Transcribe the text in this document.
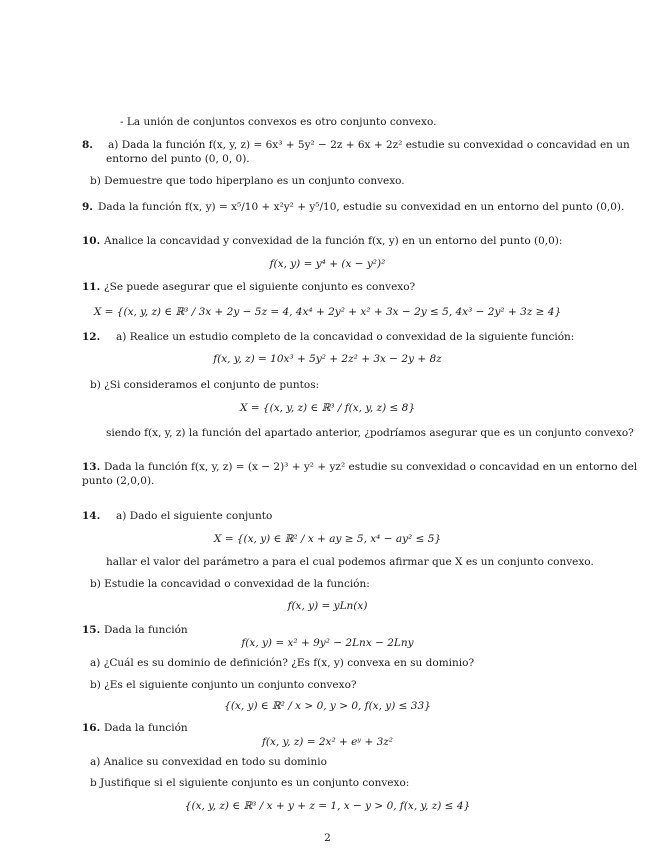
- La unión de conjuntos convexos es otro conjunto convexo.
8. a) Dada la función f(x, y, z) = 6x³ + 5y² − 2z + 6x + 2z² estudie su convexidad o concavidad en un
entorno del punto (0, 0, 0).
b) Demuestre que todo hiperplano es un conjunto convexo.
9. Dada la función f(x, y) = x⁵/10 + x²y² + y⁵/10, estudie su convexidad en un entorno del punto (0,0).
10. Analice la concavidad y convexidad de la función f(x, y) en un entorno del punto (0,0):
f(x, y) = y⁴ + (x − y²)²
11. ¿Se puede asegurar que el siguiente conjunto es convexo?
X = {(x, y, z) ∈ ℝ³ / 3x + 2y − 5z = 4, 4x⁴ + 2y² + x² + 3x − 2y ≤ 5, 4x³ − 2y² + 3z ≥ 4}
12. a) Realice un estudio completo de la concavidad o convexidad de la siguiente función:
f(x, y, z) = 10x³ + 5y² + 2z² + 3x − 2y + 8z
b) ¿Si consideramos el conjunto de puntos:
X = {(x, y, z) ∈ ℝ³ / f(x, y, z) ≤ 8}
siendo f(x, y, z) la función del apartado anterior, ¿podríamos asegurar que es un conjunto convexo?
13. Dada la función f(x, y, z) = (x − 2)³ + y² + yz² estudie su convexidad o concavidad en un entorno del
punto (2,0,0).
14. a) Dado el siguiente conjunto
X = {(x, y) ∈ ℝ² / x + ay ≥ 5, x⁴ − ay² ≤ 5}
hallar el valor del parámetro a para el cual podemos afirmar que X es un conjunto convexo.
b) Estudie la concavidad o convexidad de la función:
f(x, y) = yLn(x)
15. Dada la función
f(x, y) = x² + 9y² − 2Lnx − 2Lny
a) ¿Cuál es su dominio de definición? ¿Es f(x, y) convexa en su dominio?
b) ¿Es el siguiente conjunto un conjunto convexo?
{(x, y) ∈ ℝ² / x > 0, y > 0, f(x, y) ≤ 33}
16. Dada la función
f(x, y, z) = 2x² + eʸ + 3z²
a) Analice su convexidad en todo su dominio
b Justifique si el siguiente conjunto es un conjunto convexo:
{(x, y, z) ∈ ℝ³ / x + y + z = 1, x − y > 0, f(x, y, z) ≤ 4}
2
